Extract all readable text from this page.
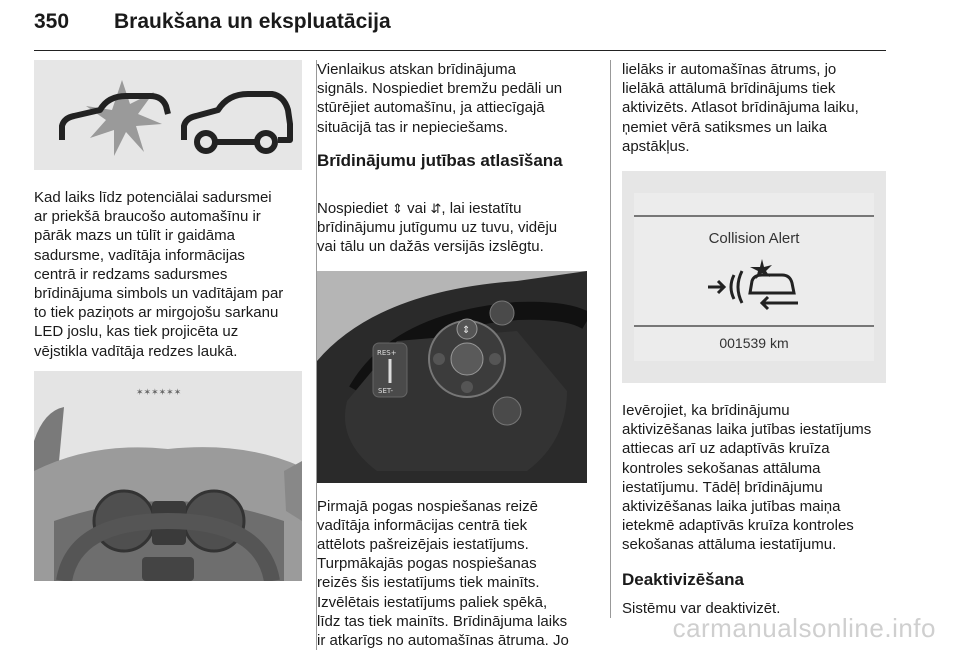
350 Braukšana un ekspluatācija

Kad laiks līdz potenciālai sadursmei
ar priekšā braucošo automašīnu ir
pārāk mazs un tūlīt ir gaidāma
sadursme, vadītāja informācijas
centrā ir redzams sadursmes
brīdinājuma simbols un vadītājam par
to tiek paziņots ar mirgojošu sarkanu
LED joslu, kas tiek projicēta uz
vējstikla vadītāja redzes laukā.

✶✶✶✶✶✶

Vienlaikus atskan brīdinājuma
signāls. Nospiediet bremžu pedāli un
stūrējiet automašīnu, ja attiecīgajā
situācijā tas ir nepieciešams.

Brīdinājumu jutības atlasīšana

Nospiediet ⇕ vai ⇵, lai iestatītu

brīdinājumu jutīgumu uz tuvu, vidēju
vai tālu un dažās versijās izslēgtu.

RES+
SET-
⇕

Pirmajā pogas nospiešanas reizē
vadītāja informācijas centrā tiek
attēlots pašreizējais iestatījums.
Turpmākajās pogas nospiešanas
reizēs šis iestatījums tiek mainīts.
Izvēlētais iestatījums paliek spēkā,
līdz tas tiek mainīts. Brīdinājuma laiks
ir atkarīgs no automašīnas ātruma. Jo

lielāks ir automašīnas ātrums, jo
lielākā attālumā brīdinājums tiek
aktivizēts. Atlasot brīdinājuma laiku,
ņemiet vērā satiksmes un laika
apstākļus.

Collision Alert
001539 km

Ievērojiet, ka brīdinājumu
aktivizēšanas laika jutības iestatījums
attiecas arī uz adaptīvās kruīza
kontroles sekošanas attāluma
iestatījumu. Tādēļ brīdinājumu
aktivizēšanas laika jutības maiņa
ietekmē adaptīvās kruīza kontroles
sekošanas attāluma iestatījumu.

Deaktivizēšana

Sistēmu var deaktivizēt.

carmanualsonline.info
